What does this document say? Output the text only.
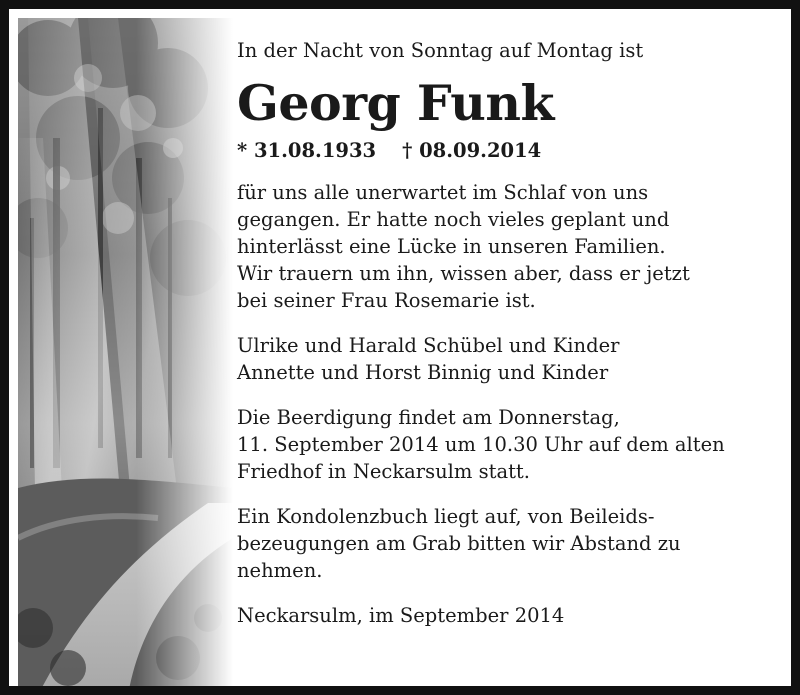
In der Nacht von Sonntag auf Montag ist

Georg Funk

* 31.08.1933 † 08.09.2014

für uns alle unerwartet im Schlaf von uns
gegangen. Er hatte noch vieles geplant und
hinterlässt eine Lücke in unseren Familien.
Wir trauern um ihn, wissen aber, dass er jetzt
bei seiner Frau Rosemarie ist.
Ulrike und Harald Schübel und Kinder
Annette und Horst Binnig und Kinder
Die Beerdigung findet am Donnerstag,
11. September 2014 um 10.30 Uhr auf dem alten
Friedhof in Neckarsulm statt.
Ein Kondolenzbuch liegt auf, von Beileids-
bezeugungen am Grab bitten wir Abstand zu
nehmen.
Neckarsulm, im September 2014
